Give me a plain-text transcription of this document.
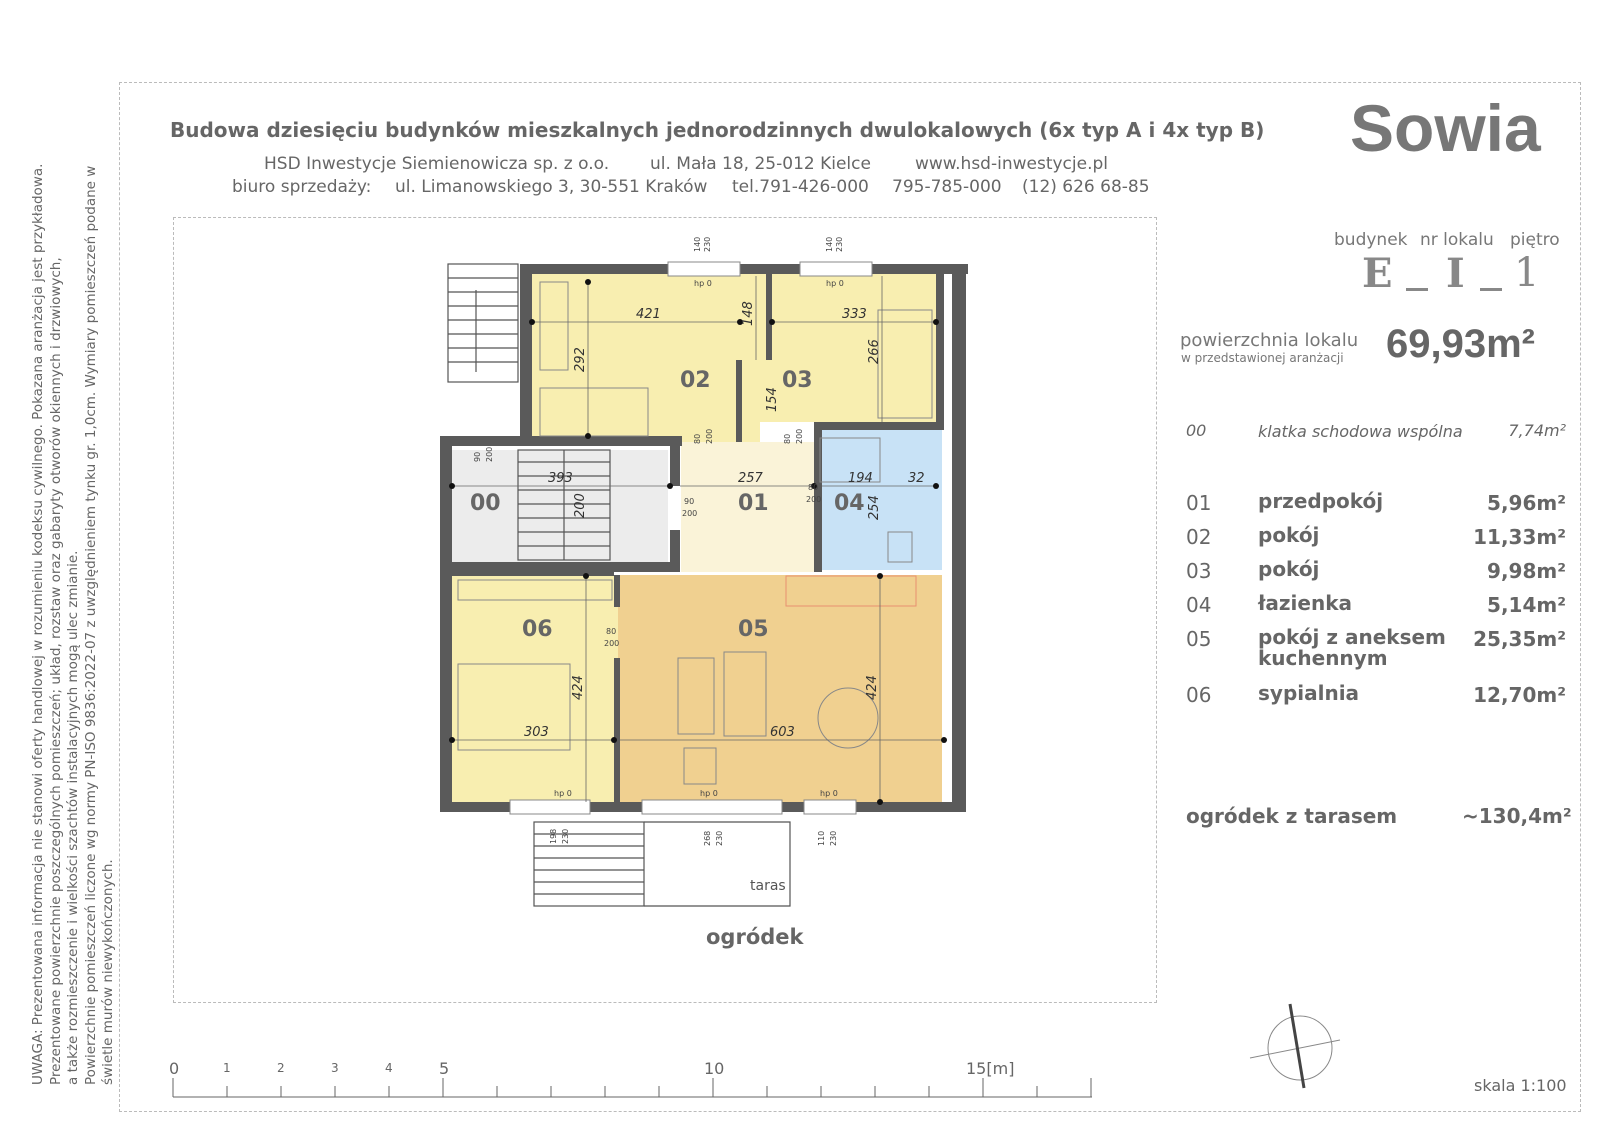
UWAGA: Prezentowana informacja nie stanowi oferty handlowej w rozumieniu kodeksu cywilnego. Pokazana aranżacja jest przykładowa. Prezentowane powierzchnie poszczególnych pomieszczeń; układ, rozstaw oraz gabaryty otworów okiennych i drzwiowych, a także rozmieszczenie i wielkości szachtów instalacyjnych mogą ulec zmianie. Powierzchnie pomieszczeń liczone wg normy PN-ISO 9836:2022-07 z uwzględnieniem tynku gr. 1,0cm. Wymiary pomieszczeń podane w świetle murów niewykończonych.
Budowa dziesięciu budynków mieszkalnych jednorodzinnych dwulokalowych (6x typ A i 4x typ B)
HSD Inwestycje Siemienowicza sp. z o.o. ul. Mała 18, 25-012 Kielce	www.hsd-inwestycje.pl
biuro sprzedaży: ul. Limanowskiego 3, 30-551 Kraków tel.791-426-000 795-785-000 (12) 626 68-85
Sowia
budynek nr lokalu piętro
E I 1
powierzchnia lokalu
w przedstawionej aranżacji 69,93m²
00	klatka schodowa wspólna	7,74m²
01 przedpokój	5,96m²
02 pokój	11,33m²
03 pokój	9,98m²
04 łazienka	5,14m²
05 pokój z aneksem kuchennym
25,35m²
06 sypialnia	12,70m²
ogródek z tarasem	~130,4m²
00	01
02	03
04
05
06
421	333
292
148
266
154
393	257	194	32
254
200
424	424
303	603
140 230	140 230
80 200	80 200
90 200
90
200
80
200
80
200
198 230	268 230	110 230
hp 0	hp 0
hp 0	hp 0	hp 0
taras
ogródek
0	1	2	3	4	5	10	15[m]
skala 1:100
